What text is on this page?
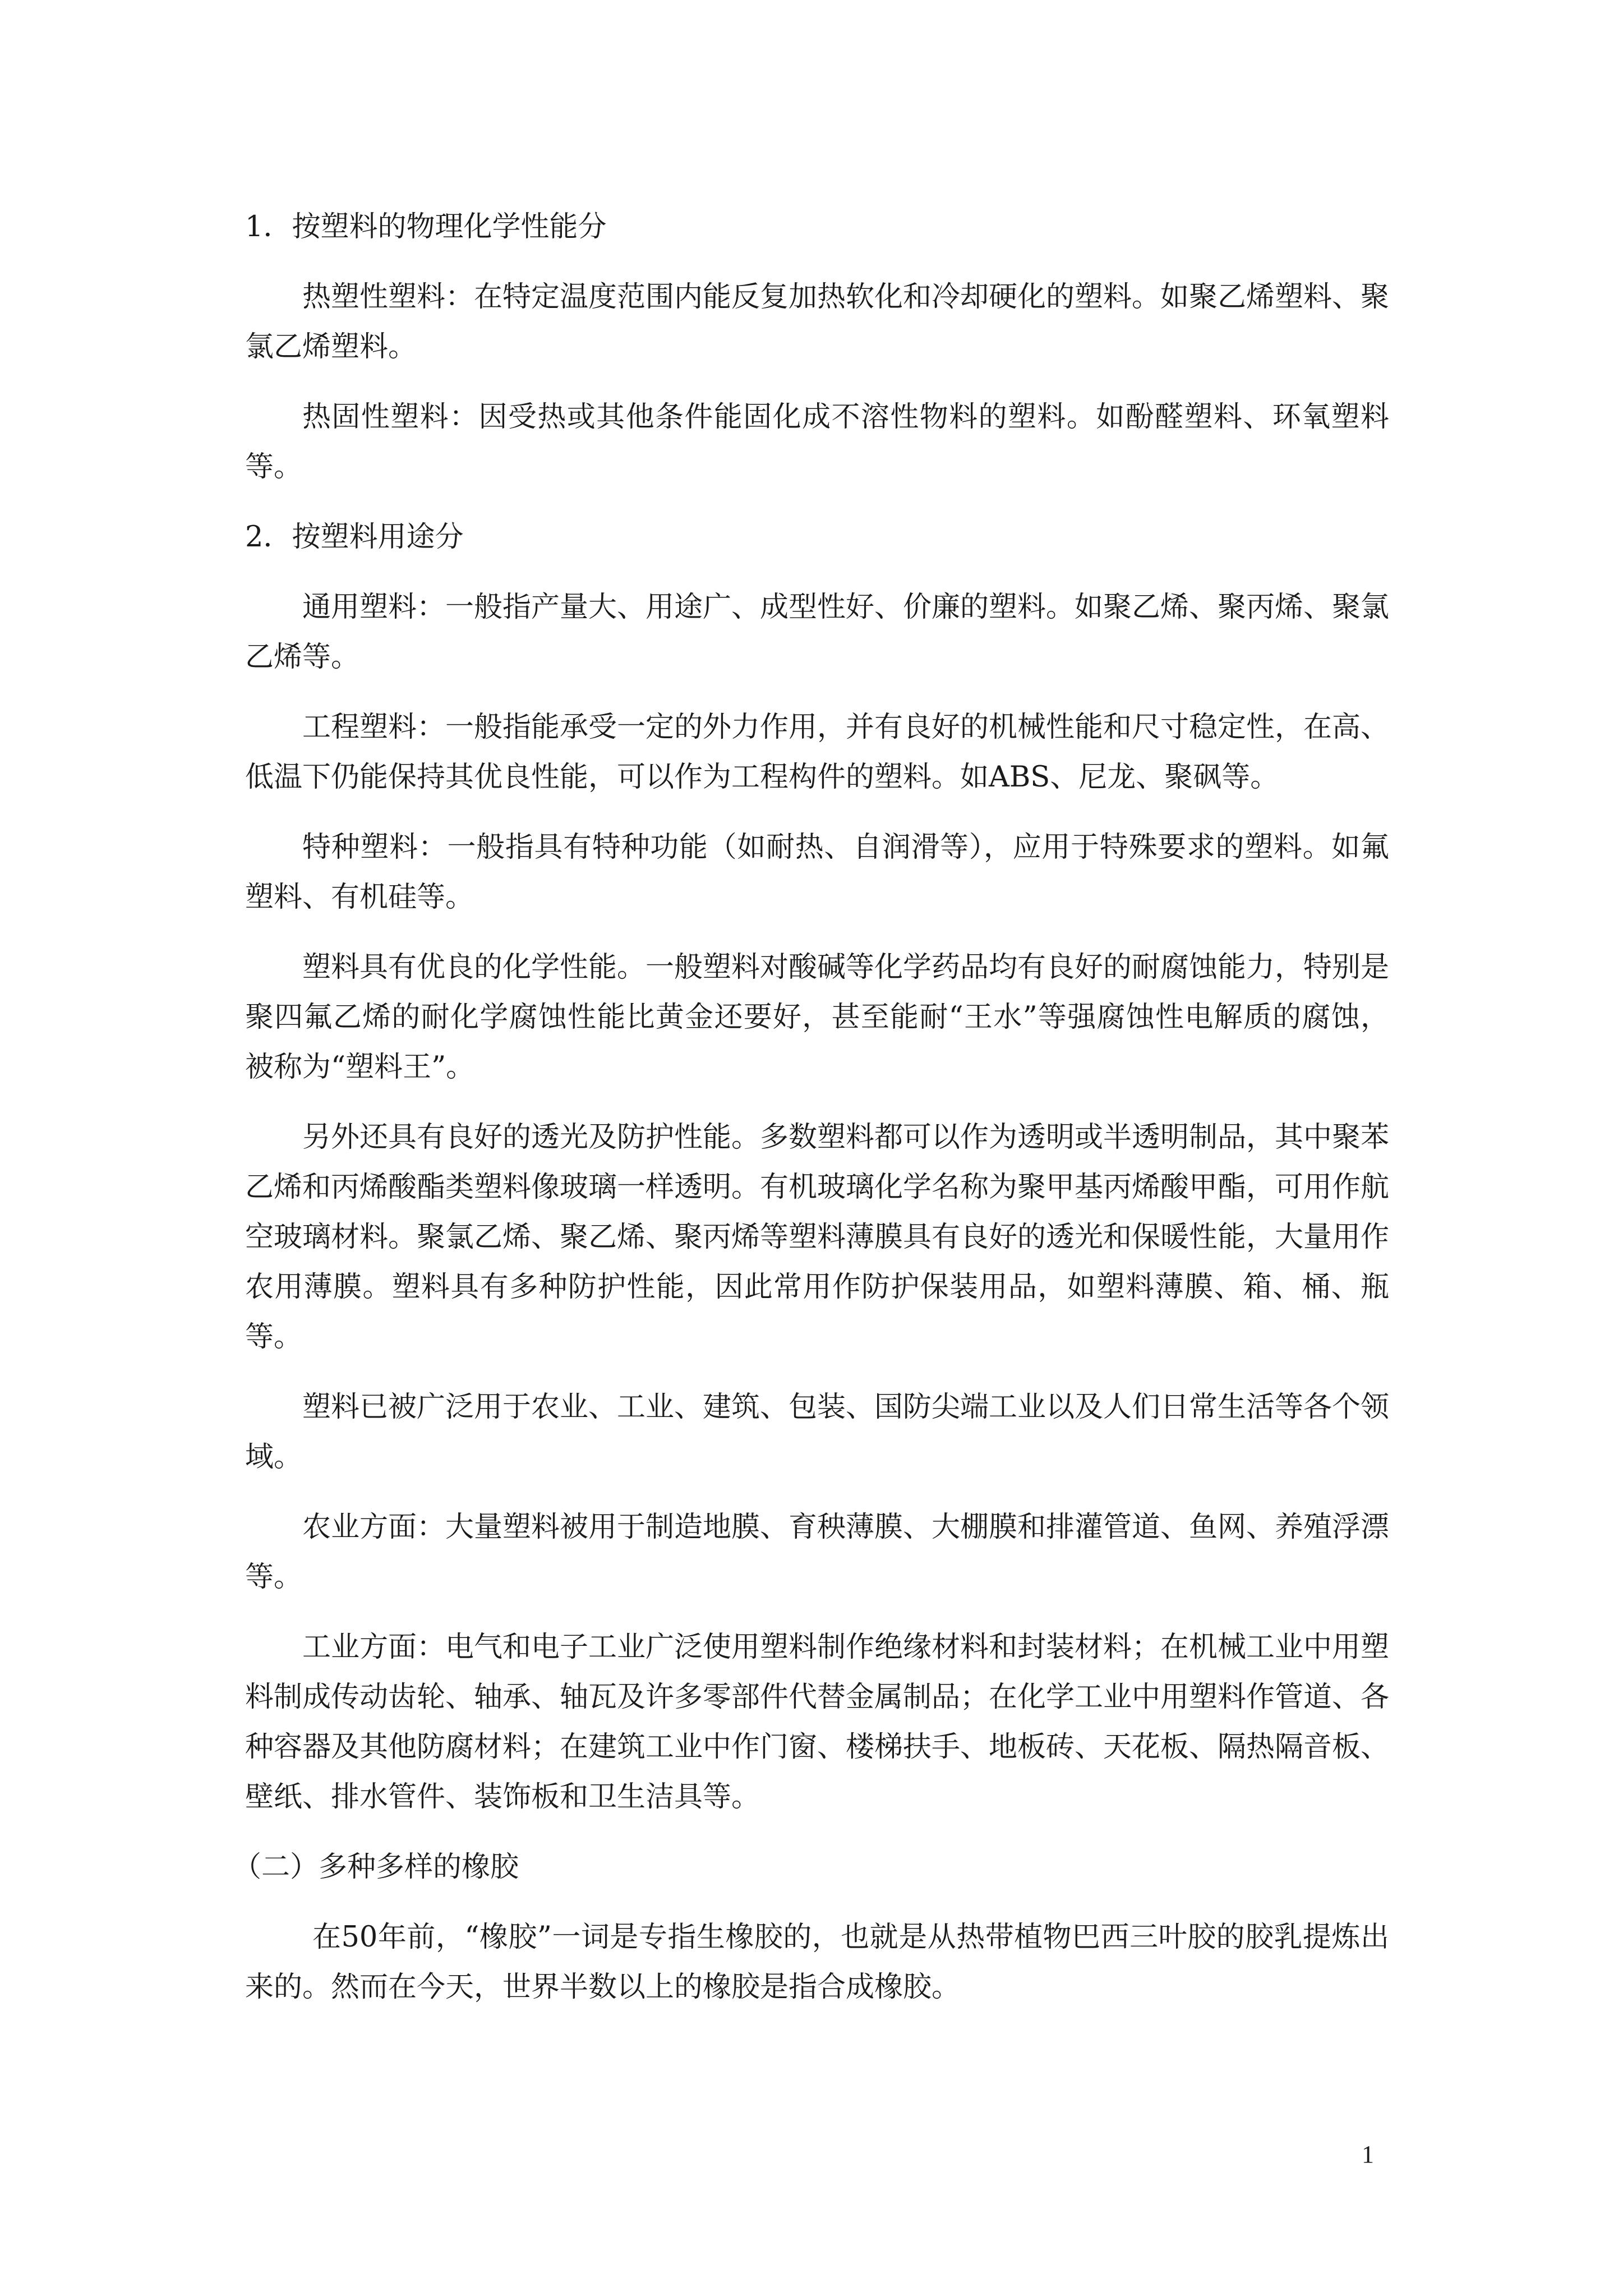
1．按塑料的物理化学性能分

热塑性塑料：在特定温度范围内能反复加热软化和冷却硬化的塑料。如聚乙烯塑料、聚氯乙烯塑料。

热固性塑料：因受热或其他条件能固化成不溶性物料的塑料。如酚醛塑料、环氧塑料等。

2．按塑料用途分

通用塑料：一般指产量大、用途广、成型性好、价廉的塑料。如聚乙烯、聚丙烯、聚氯乙烯等。

工程塑料：一般指能承受一定的外力作用，并有良好的机械性能和尺寸稳定性，在高、低温下仍能保持其优良性能，可以作为工程构件的塑料。如ABS、尼龙、聚砜等。

特种塑料：一般指具有特种功能（如耐热、自润滑等），应用于特殊要求的塑料。如氟塑料、有机硅等。

塑料具有优良的化学性能。一般塑料对酸碱等化学药品均有良好的耐腐蚀能力，特别是聚四氟乙烯的耐化学腐蚀性能比黄金还要好，甚至能耐“王水”等强腐蚀性电解质的腐蚀，被称为“塑料王”。

另外还具有良好的透光及防护性能。多数塑料都可以作为透明或半透明制品，其中聚苯乙烯和丙烯酸酯类塑料像玻璃一样透明。有机玻璃化学名称为聚甲基丙烯酸甲酯，可用作航空玻璃材料。聚氯乙烯、聚乙烯、聚丙烯等塑料薄膜具有良好的透光和保暖性能，大量用作农用薄膜。塑料具有多种防护性能，因此常用作防护保装用品，如塑料薄膜、箱、桶、瓶等。

塑料已被广泛用于农业、工业、建筑、包装、国防尖端工业以及人们日常生活等各个领域。

农业方面：大量塑料被用于制造地膜、育秧薄膜、大棚膜和排灌管道、鱼网、养殖浮漂等。

工业方面：电气和电子工业广泛使用塑料制作绝缘材料和封装材料；在机械工业中用塑料制成传动齿轮、轴承、轴瓦及许多零部件代替金属制品；在化学工业中用塑料作管道、各种容器及其他防腐材料；在建筑工业中作门窗、楼梯扶手、地板砖、天花板、隔热隔音板、壁纸、排水管件、装饰板和卫生洁具等。

（二）多种多样的橡胶

在50年前，“橡胶”一词是专指生橡胶的，也就是从热带植物巴西三叶胶的胶乳提炼出来的。然而在今天，世界半数以上的橡胶是指合成橡胶。

1
